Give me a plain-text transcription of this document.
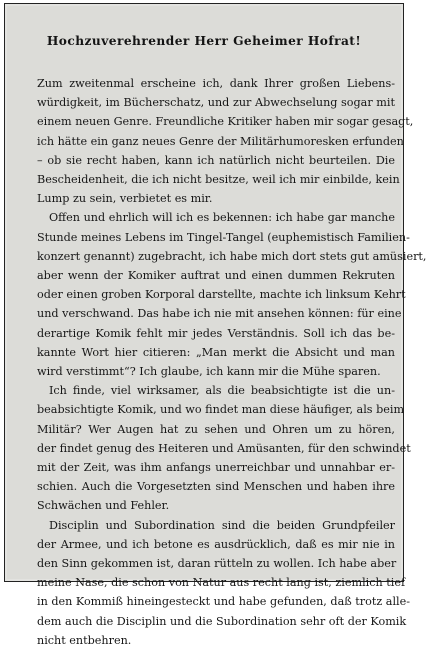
Hochzuverehrender Herr Geheimer Hofrat!
Zum zweitenmal erscheine ich, dank Ihrer großen Liebens-
würdigkeit, im Bücherschatz, und zur Abwechselung sogar mit
einem neuen Genre. Freundliche Kritiker haben mir sogar gesagt,
ich hätte ein ganz neues Genre der Militärhumoresken erfunden
– ob sie recht haben, kann ich natürlich nicht beurteilen. Die
Bescheidenheit, die ich nicht besitze, weil ich mir einbilde, kein
Lump zu sein, verbietet es mir.
Offen und ehrlich will ich es bekennen: ich habe gar manche
Stunde meines Lebens im Tingel-Tangel (euphemistisch Familien-
konzert genannt) zugebracht, ich habe mich dort stets gut amüsiert,
aber wenn der Komiker auftrat und einen dummen Rekruten
oder einen groben Korporal darstellte, machte ich linksum Kehrt
und verschwand. Das habe ich nie mit ansehen können: für eine
derartige Komik fehlt mir jedes Verständnis. Soll ich das be-
kannte Wort hier citieren: „Man merkt die Absicht und man
wird verstimmt“? Ich glaube, ich kann mir die Mühe sparen.
Ich finde, viel wirksamer, als die beabsichtigte ist die un-
beabsichtigte Komik, und wo findet man diese häufiger, als beim
Militär? Wer Augen hat zu sehen und Ohren um zu hören,
der findet genug des Heiteren und Amüsanten, für den schwindet
mit der Zeit, was ihm anfangs unerreichbar und unnahbar er-
schien. Auch die Vorgesetzten sind Menschen und haben ihre
Schwächen und Fehler.
Disciplin und Subordination sind die beiden Grundpfeiler
der Armee, und ich betone es ausdrücklich, daß es mir nie in
den Sinn gekommen ist, daran rütteln zu wollen. Ich habe aber
meine Nase, die schon von Natur aus recht lang ist, ziemlich tief
in den Kommiß hineingesteckt und habe gefunden, daß trotz alle-
dem auch die Disciplin und die Subordination sehr oft der Komik
nicht entbehren.
